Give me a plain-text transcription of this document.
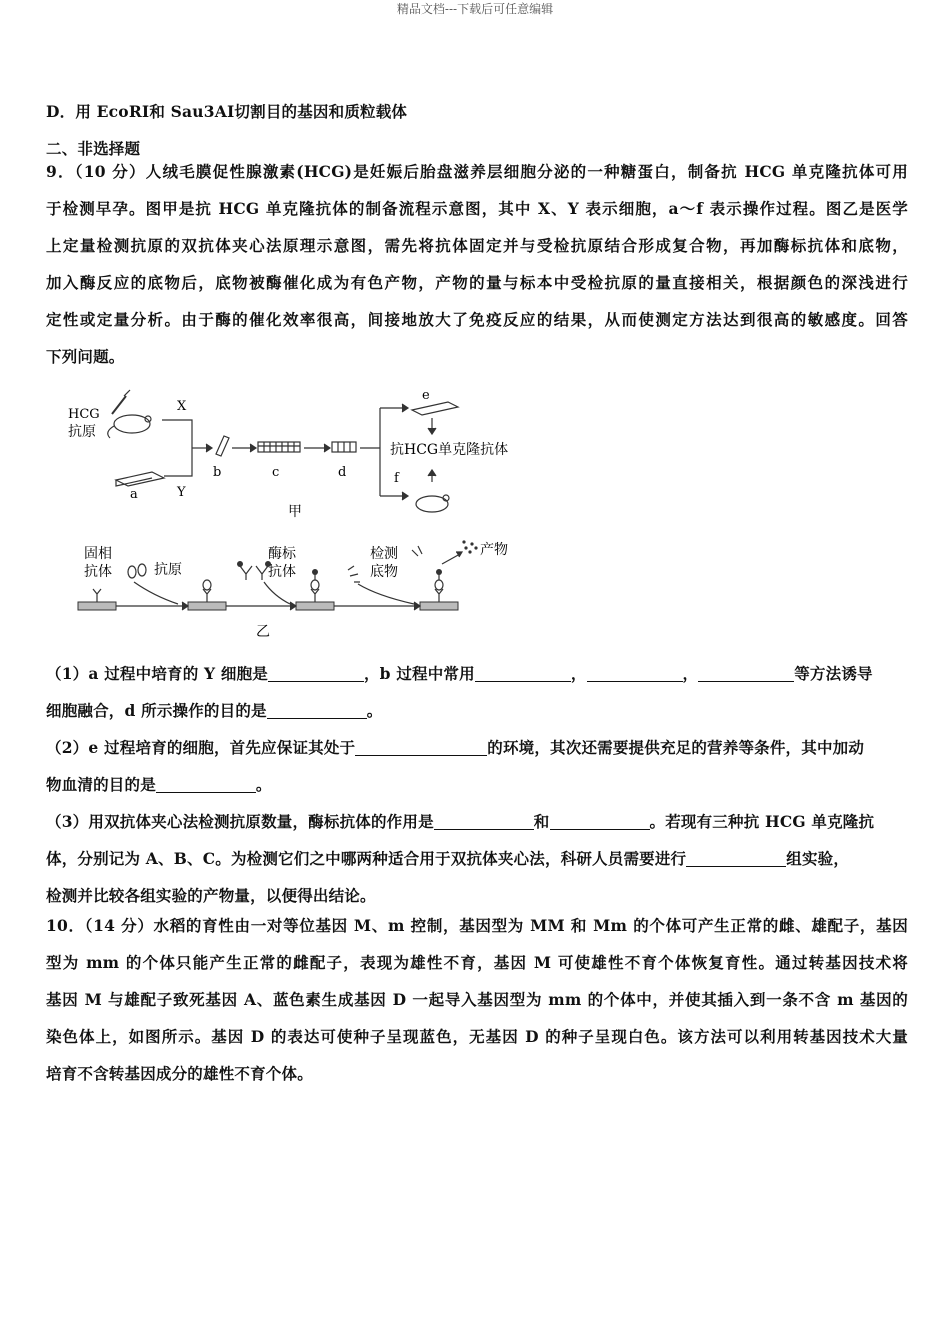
精品文档---下载后可任意编辑
D．用 EcoRⅠ和 Sau3AⅠ切割目的基因和质粒载体
二、非选择题
9．（10 分）人绒毛膜促性腺激素(HCG)是妊娠后胎盘滋养层细胞分泌的一种糖蛋白，制备抗 HCG 单克隆抗体可用
于检测早孕。图甲是抗 HCG 单克隆抗体的制备流程示意图，其中 X、Y 表示细胞，a～f 表示操作过程。图乙是医学
上定量检测抗原的双抗体夹心法原理示意图，需先将抗体固定并与受检抗原结合形成复合物，再加酶标抗体和底物，
加入酶反应的底物后，底物被酶催化成为有色产物，产物的量与标本中受检抗原的量直接相关，根据颜色的深浅进行
定性或定量分析。由于酶的催化效率很高，间接地放大了免疫反应的结果，从而使测定方法达到很高的敏感度。回答
下列问题。
HCG
抗原
X
Y
a
b	c	d
e
f
抗HCG单克隆抗体
甲
固相
抗体	抗原
酶标
抗体
检测
底物
产物
乙
（1）a 过程中培育的 Y 细胞是	，b 过程中常用	，	，	等方法诱导
细胞融合，d 所示操作的目的是	。
（2）e 过程培育的细胞，首先应保证其处于	的环境，其次还需要提供充足的营养等条件，其中加动
物血清的目的是	。
（3）用双抗体夹心法检测抗原数量，酶标抗体的作用是	和	。若现有三种抗 HCG 单克隆抗
体，分别记为 A、B、C。为检测它们之中哪两种适合用于双抗体夹心法，科研人员需要进行	组实验，
检测并比较各组实验的产物量，以便得出结论。
10．（14 分）水稻的育性由一对等位基因 M、m 控制，基因型为 MM 和 Mm 的个体可产生正常的雌、雄配子，基因
型为 mm 的个体只能产生正常的雌配子，表现为雄性不育，基因 M 可使雄性不育个体恢复育性。通过转基因技术将
基因 M 与雄配子致死基因 A、蓝色素生成基因 D 一起导入基因型为 mm 的个体中，并使其插入到一条不含 m 基因的
染色体上，如图所示。基因 D 的表达可使种子呈现蓝色，无基因 D 的种子呈现白色。该方法可以利用转基因技术大量
培育不含转基因成分的雄性不育个体。
